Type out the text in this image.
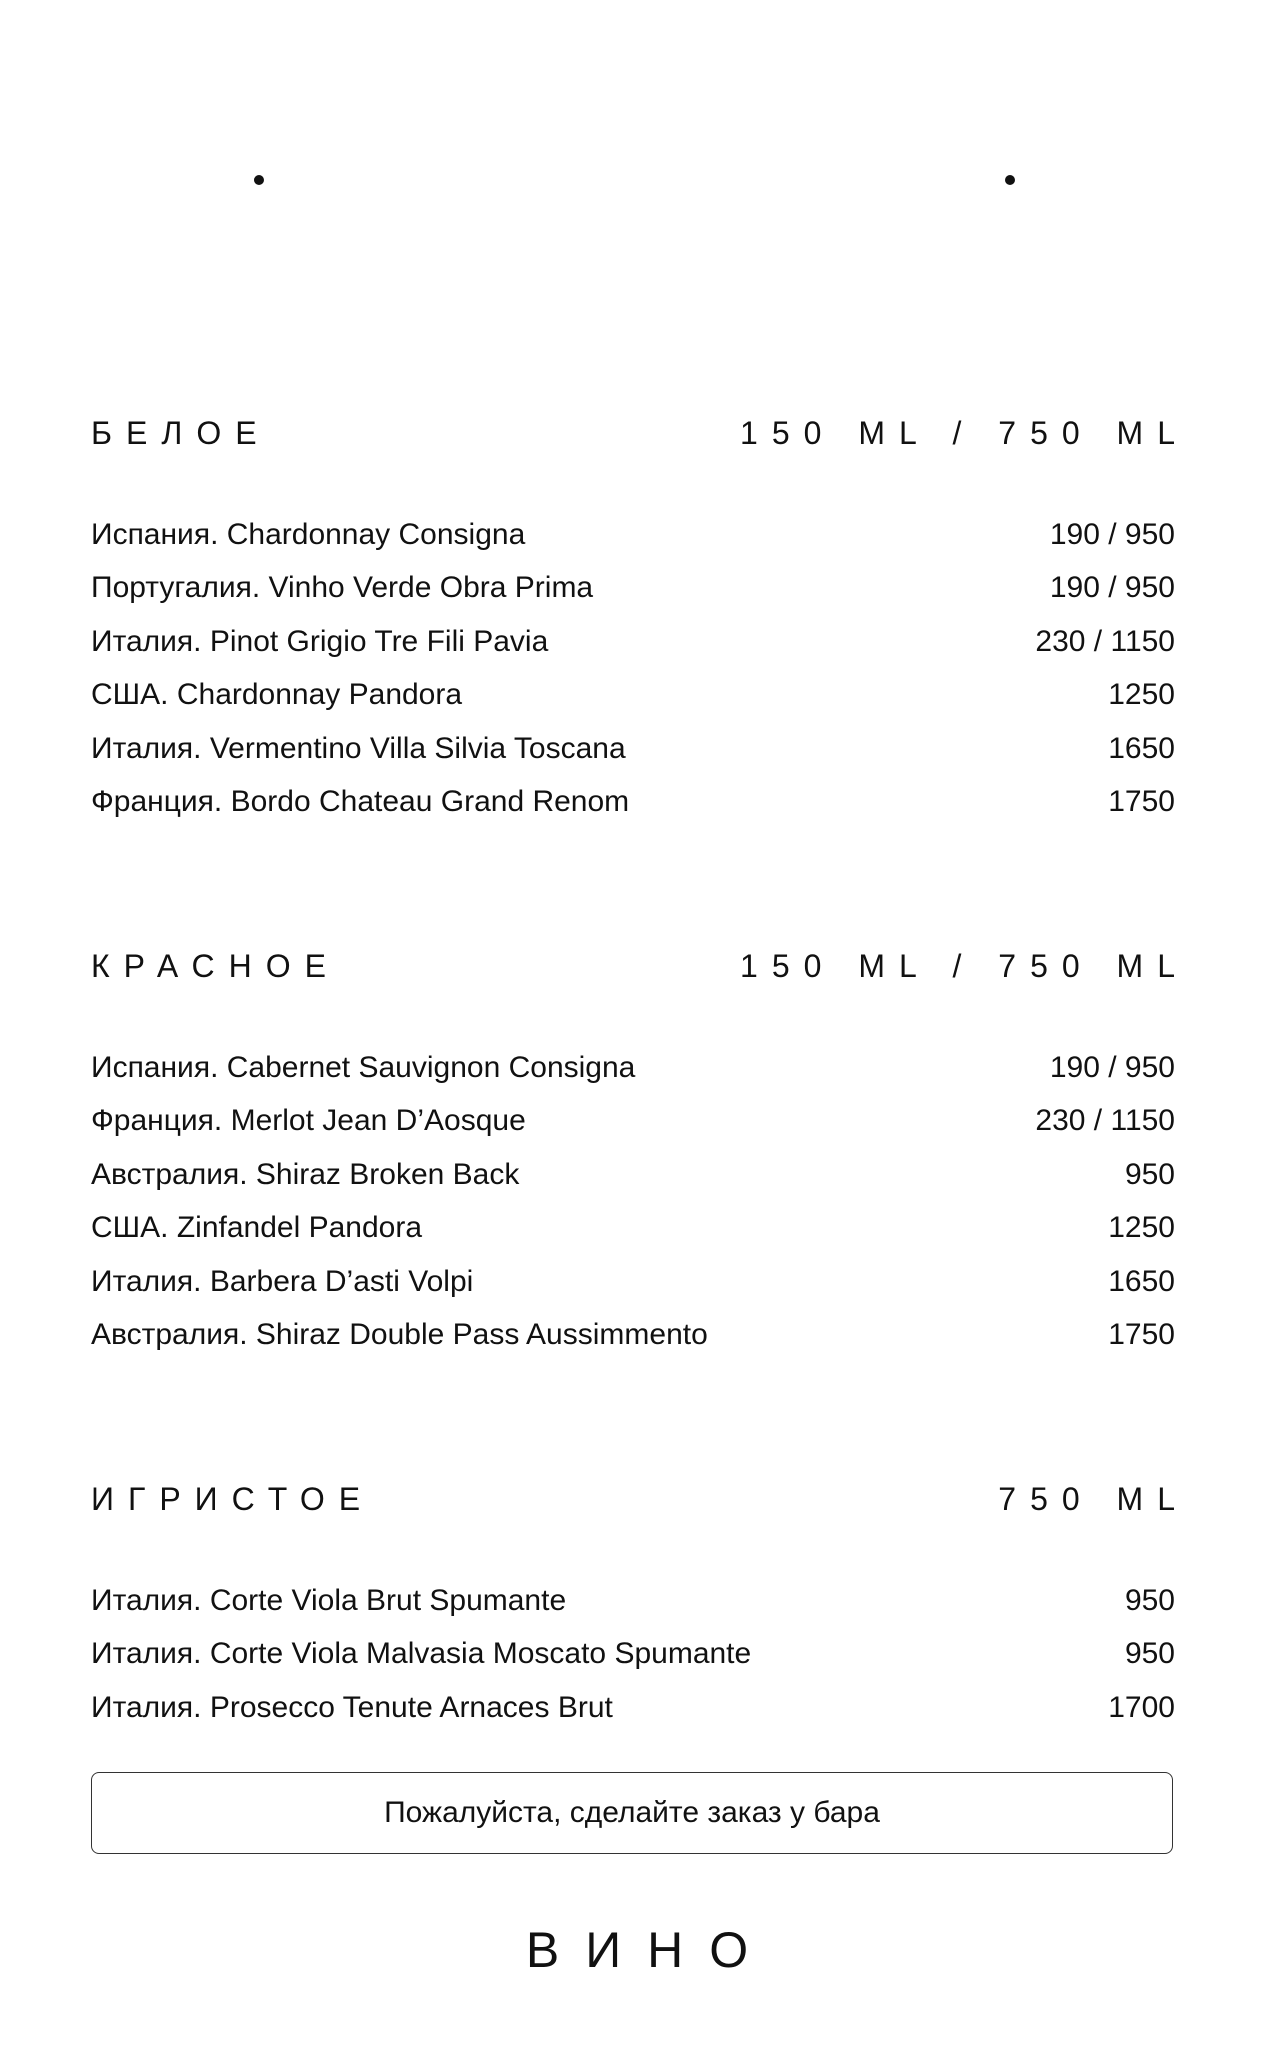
БЕЛОЕ	150 ML / 750 ML
Испания. Chardonnay Consigna	190 / 950
Португалия. Vinho Verde Obra Prima	190 / 950
Италия. Pinot Grigio Tre Fili Pavia	230 / 1150
США. Chardonnay Pandora	1250
Италия. Vermentino Villa Silvia Toscana	1650
Франция. Bordo Chateau Grand Renom	1750
КРАСНОЕ	150 ML / 750 ML
Испания. Cabernet Sauvignon Consigna	190 / 950
Франция. Merlot Jean D’Aosque	230 / 1150
Австралия. Shiraz Broken Back	950
США. Zinfandel Pandora	1250
Италия. Barbera D’asti Volpi	1650
Австралия. Shiraz Double Pass Aussimmento	1750
ИГРИСТОЕ	750 ML
Италия. Corte Viola Brut Spumante	950
Италия. Corte Viola Malvasia Moscato Spumante	950
Италия. Prosecco Tenute Arnaces Brut	1700
Пожалуйста, сделайте заказ у бара
ВИНО
